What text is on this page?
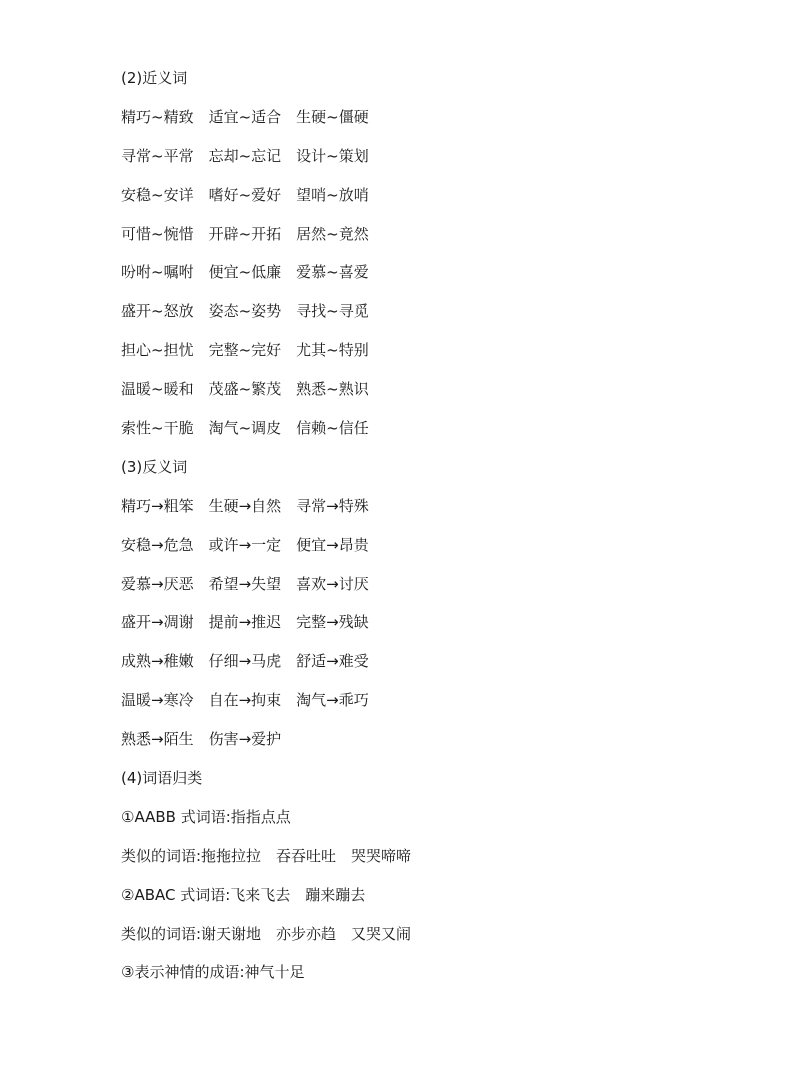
(2)近义词
精巧~精致　适宜~适合　生硬~僵硬
寻常~平常　忘却~忘记　设计~策划
安稳~安详　嗜好~爱好　望哨~放哨
可惜~惋惜　开辟~开拓　居然~竟然
吩咐~嘱咐　便宜~低廉　爱慕~喜爱
盛开~怒放　姿态~姿势　寻找~寻觅
担心~担忧　完整~完好　尤其~特别
温暖~暖和　茂盛~繁茂　熟悉~熟识
索性~干脆　淘气~调皮　信赖~信任
(3)反义词
精巧→粗笨　生硬→自然　寻常→特殊
安稳→危急　或许→一定　便宜→昂贵
爱慕→厌恶　希望→失望　喜欢→讨厌
盛开→凋谢　提前→推迟　完整→残缺
成熟→稚嫩　仔细→马虎　舒适→难受
温暖→寒冷　自在→拘束　淘气→乖巧
熟悉→陌生　伤害→爱护
(4)词语归类
①AABB 式词语:指指点点
类似的词语:拖拖拉拉　吞吞吐吐　哭哭啼啼
②ABAC 式词语:飞来飞去　蹦来蹦去
类似的词语:谢天谢地　亦步亦趋　又哭又闹
③表示神情的成语:神气十足
